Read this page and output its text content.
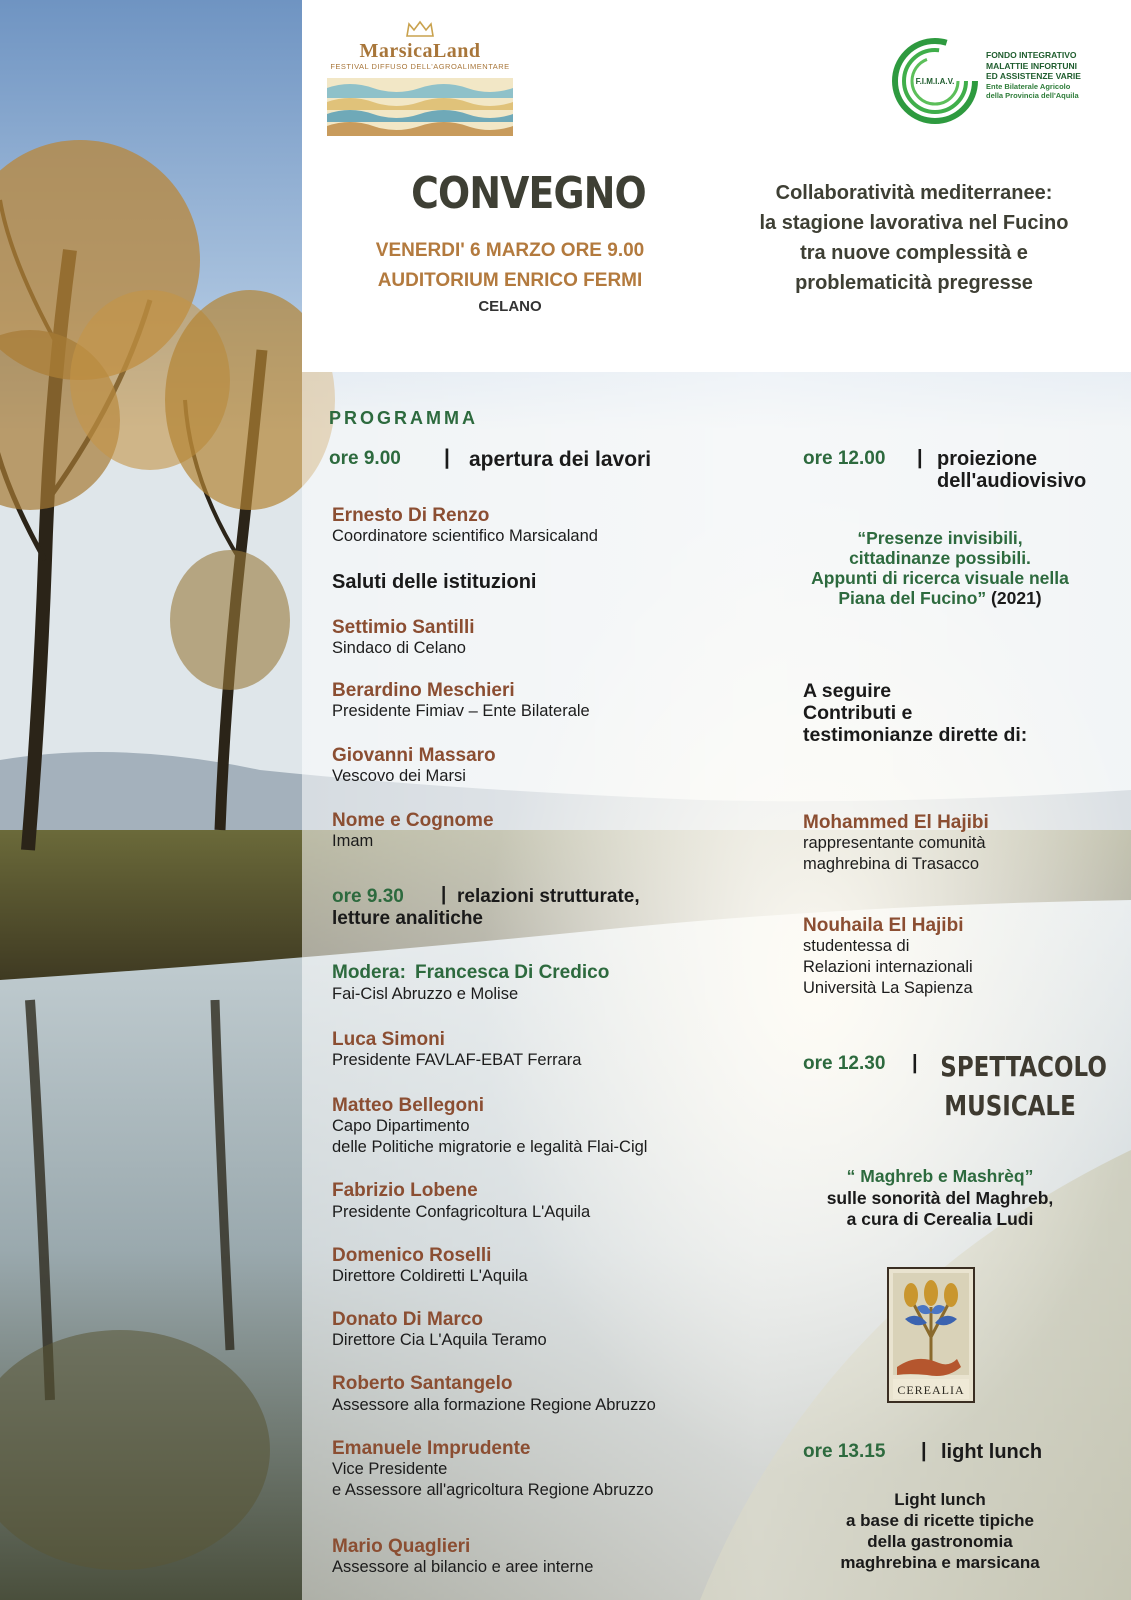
MarsicaLand
FESTIVAL DIFFUSO DELL'AGROALIMENTARE
F.I.M.I.A.V.
FONDO INTEGRATIVO
MALATTIE INFORTUNI
ED ASSISTENZE VARIE
Ente Bilaterale Agricolo
della Provincia dell'Aquila
CONVEGNO
VENERDI' 6 MARZO ORE 9.00
AUDITORIUM ENRICO FERMI
CELANO
Collaboratività mediterranee:
la stagione lavorativa nel Fucino
tra nuove complessità e
problematicità pregresse
PROGRAMMA
ore 9.00 | apertura dei lavori
Ernesto Di Renzo
Coordinatore scientifico Marsicaland
Saluti delle istituzioni
Settimio Santilli
Sindaco di Celano
Berardino Meschieri
Presidente Fimiav – Ente Bilaterale
Giovanni Massaro
Vescovo dei Marsi
Nome e Cognome
Imam
ore 9.30 | relazioni strutturate,
letture analitiche
Modera: Francesca Di Credico
Fai-Cisl Abruzzo e Molise
Luca Simoni
Presidente FAVLAF-EBAT Ferrara
Matteo Bellegoni
Capo Dipartimento
delle Politiche migratorie e legalità Flai-Cigl
Fabrizio Lobene
Presidente Confagricoltura L'Aquila
Domenico Roselli
Direttore Coldiretti L'Aquila
Donato Di Marco
Direttore Cia L'Aquila Teramo
Roberto Santangelo
Assessore alla formazione Regione Abruzzo
Emanuele Imprudente
Vice Presidente
e Assessore all'agricoltura Regione Abruzzo
Mario Quaglieri
Assessore al bilancio e aree interne
ore 12.00 | proiezione
dell'audiovisivo
“Presenze invisibili,
cittadinanze possibili.
Appunti di ricerca visuale nella
Piana del Fucino” (2021)
A seguire
Contributi e
testimonianze dirette di:
Mohammed El Hajibi
rappresentante comunità
maghrebina di Trasacco
Nouhaila El Hajibi
studentessa di
Relazioni internazionali
Università La Sapienza
ore 12.30 | SPETTACOLO
MUSICALE
“ Maghreb e Mashrèq”
sulle sonorità del Maghreb,
a cura di Cerealia Ludi
CEREALIA
ore 13.15 | light lunch
Light lunch
a base di ricette tipiche
della gastronomia
maghrebina e marsicana
